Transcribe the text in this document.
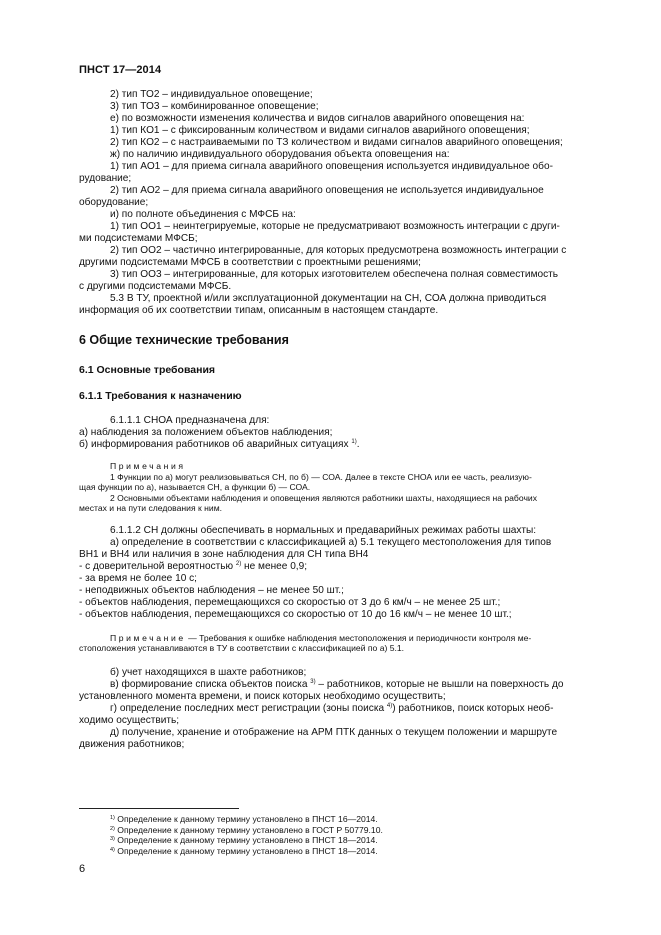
ПНСТ 17—2014

2) тип ТО2 – индивидуальное оповещение;

3) тип ТО3 – комбинированное оповещение;

е) по возможности изменения количества и видов сигналов аварийного оповещения на:

1) тип КО1 – с фиксированным количеством и видами сигналов аварийного оповещения;

2) тип КО2 – с настраиваемыми по ТЗ количеством и видами сигналов аварийного оповещения;

ж) по наличию индивидуального оборудования объекта оповещения на:

1) тип АО1 – для приема сигнала аварийного оповещения используется индивидуальное обо-

рудование;

2) тип АО2 – для приема сигнала аварийного оповещения не используется индивидуальное

оборудование;

и) по полноте объединения с МФСБ на:

1) тип ОО1 – неинтегрируемые, которые не предусматривают возможность интеграции с други-

ми подсистемами МФСБ;

2) тип ОО2 – частично интегрированные, для которых предусмотрена возможность интеграции с

другими подсистемами МФСБ в соответствии с проектными решениями;

3) тип ОО3 – интегрированные, для которых изготовителем обеспечена полная совместимость

с другими подсистемами МФСБ.

5.3 В ТУ, проектной и/или эксплуатационной документации на СН, СОА должна приводиться

информация об их соответствии типам, описанным в настоящем стандарте.

6 Общие технические требования
6.1 Основные требования
6.1.1 Требования к назначению

6.1.1.1 СНОА предназначена для:

а) наблюдения за положением объектов наблюдения;

б) информирования работников об аварийных ситуациях $^{1)}$.

Примечания

1 Функции по а) могут реализовываться СН, по б) — СОА. Далее в тексте СНОА или ее часть, реализую-

щая функции по а), называется СН, а функции б) — СОА.

2 Основными объектами наблюдения и оповещения являются работники шахты, находящиеся на рабочих

местах и на пути следования к ним.

6.1.1.2 СН должны обеспечивать в нормальных и предаварийных режимах работы шахты:

а) определение в соответствии с классификацией а) 5.1 текущего местоположения для типов

ВН1 и ВН4 или наличия в зоне наблюдения для СН типа ВН4

- с доверительной вероятностью $^{2)}$ не менее 0,9;

- за время не более 10 с;

- неподвижных объектов наблюдения – не менее 50 шт.;

- объектов наблюдения, перемещающихся со скоростью от 3 до 6 км/ч – не менее 25 шт.;

- объектов наблюдения, перемещающихся со скоростью от 10 до 16 км/ч – не менее 10 шт.;

Примечание — Требования к ошибке наблюдения местоположения и периодичности контроля ме-

стоположения устанавливаются в ТУ в соответствии с классификацией по а) 5.1.

б) учет находящихся в шахте работников;

в) формирование списка объектов поиска $^{3)}$ – работников, которые не вышли на поверхность до

установленного момента времени, и поиск которых необходимо осуществить;

г) определение последних мест регистрации (зоны поиска $^{4)}$) работников, поиск которых необ-

ходимо осуществить;

д) получение, хранение и отображение на АРМ ПТК данных о текущем положении и маршруте

движения работников;

$^{1)}$ Определение к данному термину установлено в ПНСТ 16—2014.
$^{2)}$ Определение к данному термину установлено в ГОСТ Р 50779.10.
$^{3)}$ Определение к данному термину установлено в ПНСТ 18—2014.
$^{4)}$ Определение к данному термину установлено в ПНСТ 18—2014.
6
